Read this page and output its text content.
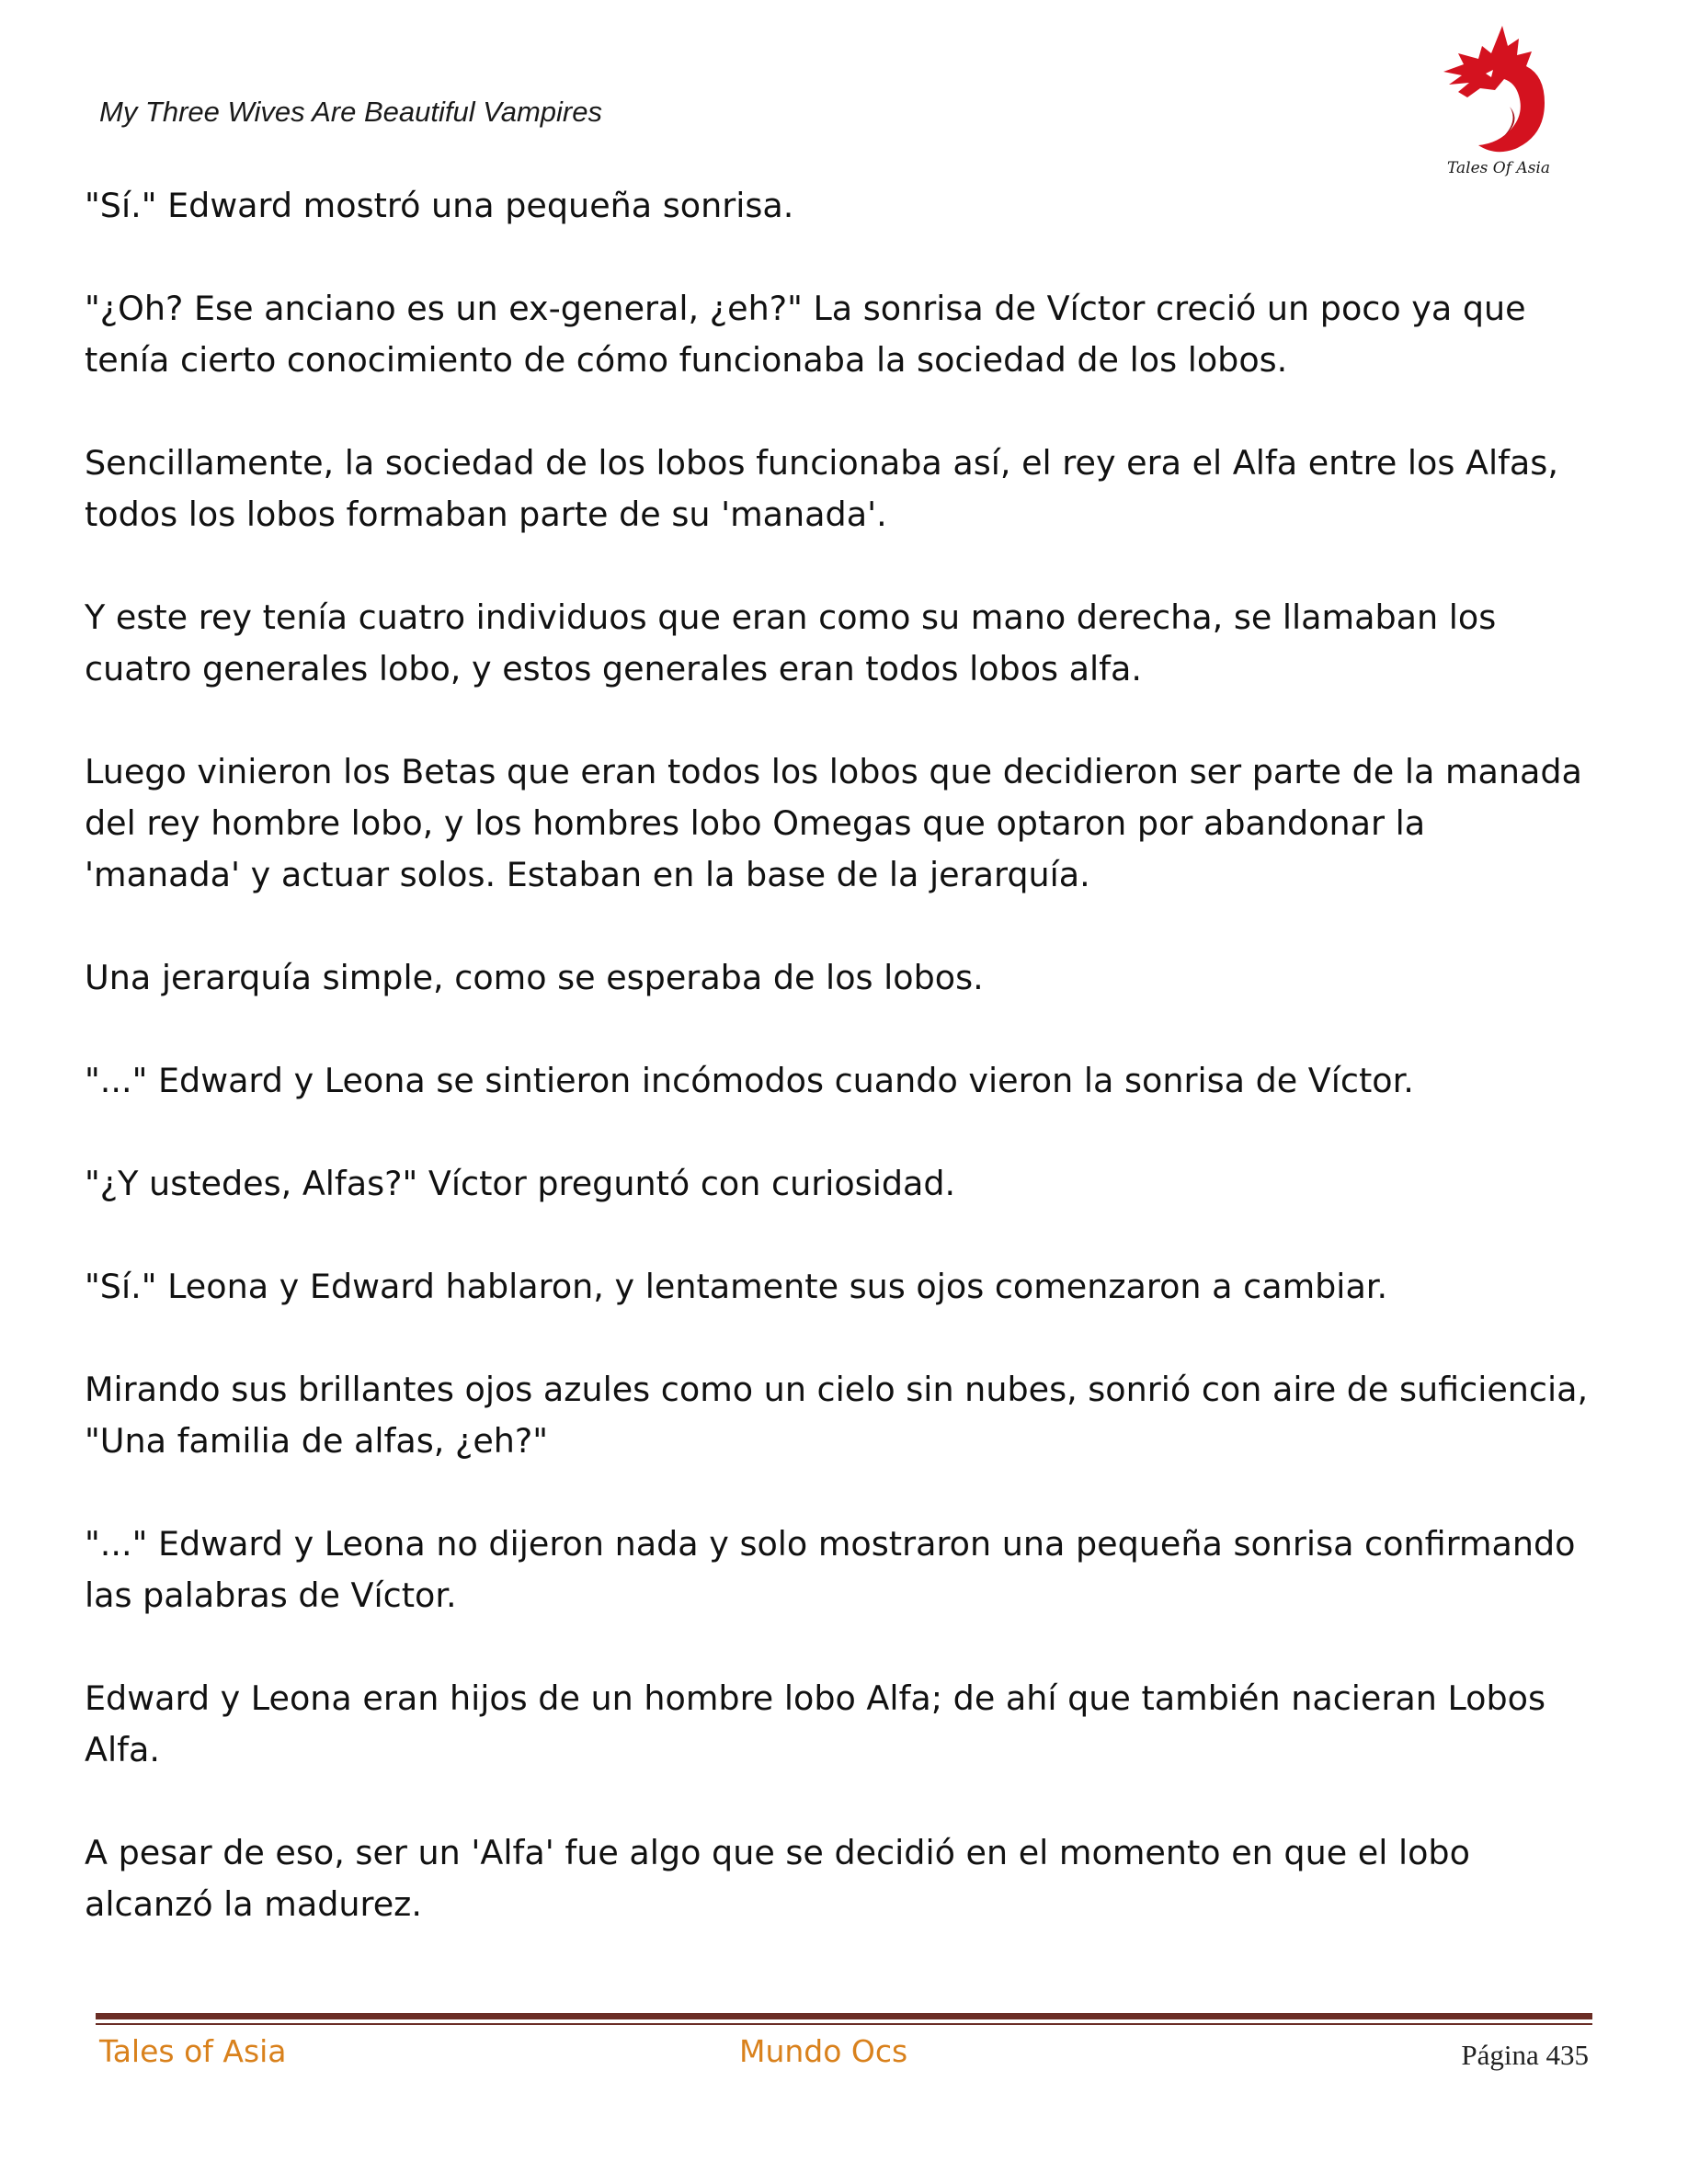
My Three Wives Are Beautiful Vampires
Tales Of Asia

"Sí." Edward mostró una pequeña sonrisa.

"¿Oh? Ese anciano es un ex-general, ¿eh?" La sonrisa de Víctor creció un poco ya que
tenía cierto conocimiento de cómo funcionaba la sociedad de los lobos.

Sencillamente, la sociedad de los lobos funcionaba así, el rey era el Alfa entre los Alfas,
todos los lobos formaban parte de su 'manada'.

Y este rey tenía cuatro individuos que eran como su mano derecha, se llamaban los
cuatro generales lobo, y estos generales eran todos lobos alfa.

Luego vinieron los Betas que eran todos los lobos que decidieron ser parte de la manada
del rey hombre lobo, y los hombres lobo Omegas que optaron por abandonar la
'manada' y actuar solos. Estaban en la base de la jerarquía.

Una jerarquía simple, como se esperaba de los lobos.

"..." Edward y Leona se sintieron incómodos cuando vieron la sonrisa de Víctor.

"¿Y ustedes, Alfas?" Víctor preguntó con curiosidad.

"Sí." Leona y Edward hablaron, y lentamente sus ojos comenzaron a cambiar.

Mirando sus brillantes ojos azules como un cielo sin nubes, sonrió con aire de suficiencia,
"Una familia de alfas, ¿eh?"

"..." Edward y Leona no dijeron nada y solo mostraron una pequeña sonrisa confirmando
las palabras de Víctor.

Edward y Leona eran hijos de un hombre lobo Alfa; de ahí que también nacieran Lobos
Alfa.

A pesar de eso, ser un 'Alfa' fue algo que se decidió en el momento en que el lobo
alcanzó la madurez.

Tales of Asia	Mundo Ocs	Página 435
